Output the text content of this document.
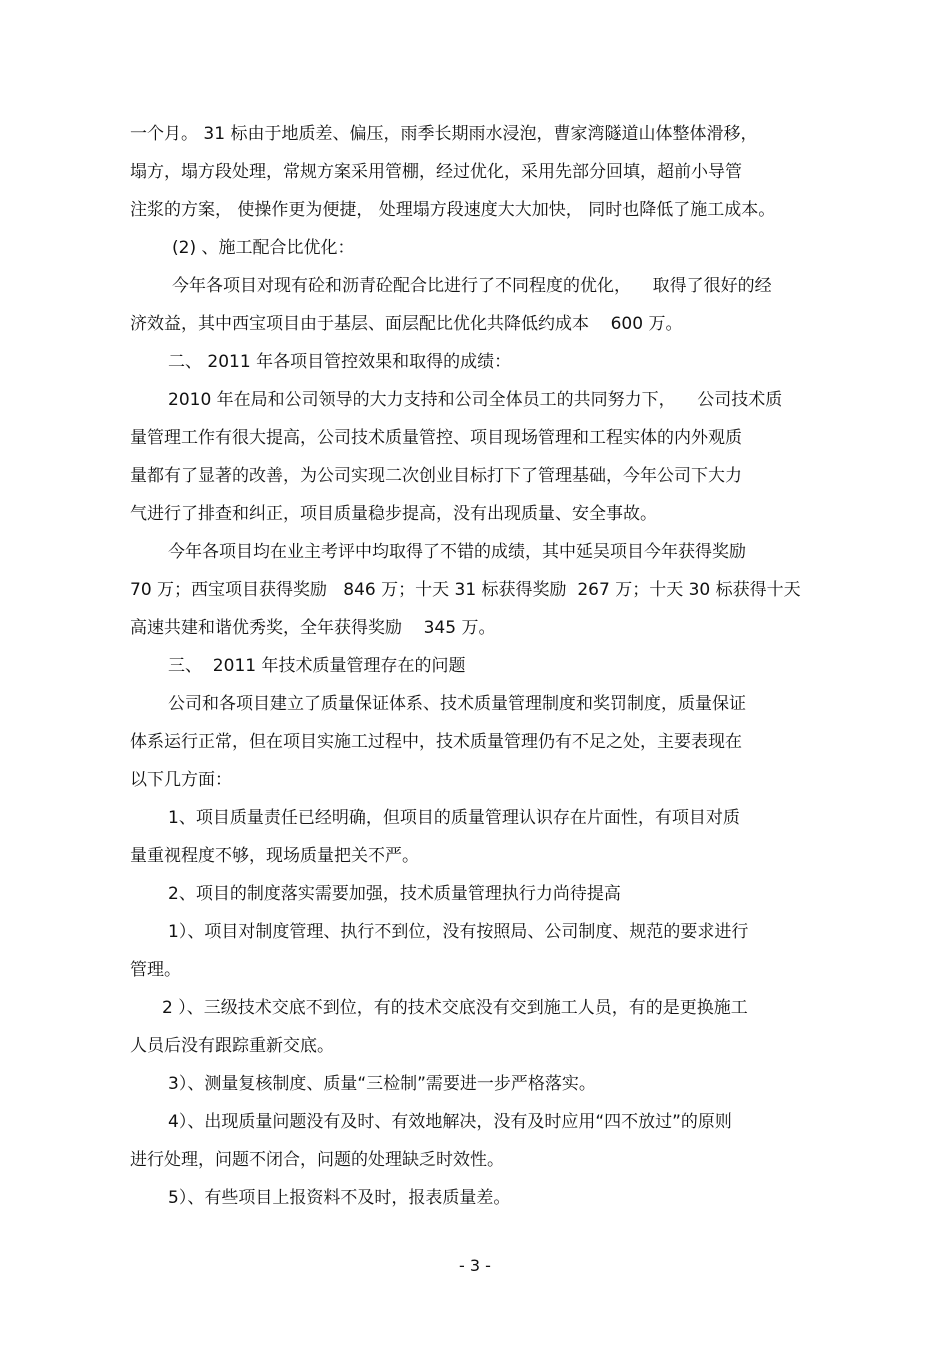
一个月。 31 标由于地质差、偏压，雨季长期雨水浸泡，曹家湾隧道山体整体滑移，
塌方，塌方段处理，常规方案采用管棚，经过优化，采用先部分回填，超前小导管
注浆的方案， 使操作更为便捷， 处理塌方段速度大大加快， 同时也降低了施工成本。
(2) 、施工配合比优化：
今年各项目对现有砼和沥青砼配合比进行了不同程度的优化，    取得了很好的经
济效益，其中西宝项目由于基层、面层配比优化共降低约成本    600 万。
二、 2011 年各项目管控效果和取得的成绩：
2010 年在局和公司领导的大力支持和公司全体员工的共同努力下，    公司技术质
量管理工作有很大提高，公司技术质量管控、项目现场管理和工程实体的内外观质
量都有了显著的改善，为公司实现二次创业目标打下了管理基础，今年公司下大力
气进行了排查和纠正，项目质量稳步提高，没有出现质量、安全事故。
今年各项目均在业主考评中均取得了不错的成绩，其中延吴项目今年获得奖励
70 万；西宝项目获得奖励   846 万；十天 31 标获得奖励  267 万；十天 30 标获得十天
高速共建和谐优秀奖，全年获得奖励    345 万。
三、  2011 年技术质量管理存在的问题
公司和各项目建立了质量保证体系、技术质量管理制度和奖罚制度，质量保证
体系运行正常，但在项目实施工过程中，技术质量管理仍有不足之处，主要表现在
以下几方面：
1、项目质量责任已经明确，但项目的质量管理认识存在片面性，有项目对质
量重视程度不够，现场质量把关不严。
2、项目的制度落实需要加强，技术质量管理执行力尚待提高
1）、项目对制度管理、执行不到位，没有按照局、公司制度、规范的要求进行
管理。
2 ）、三级技术交底不到位，有的技术交底没有交到施工人员，有的是更换施工
人员后没有跟踪重新交底。
3）、测量复核制度、质量“三检制”需要进一步严格落实。
4）、出现质量问题没有及时、有效地解决，没有及时应用“四不放过”的原则
进行处理，问题不闭合，问题的处理缺乏时效性。
5）、有些项目上报资料不及时，报表质量差。
- 3 -
